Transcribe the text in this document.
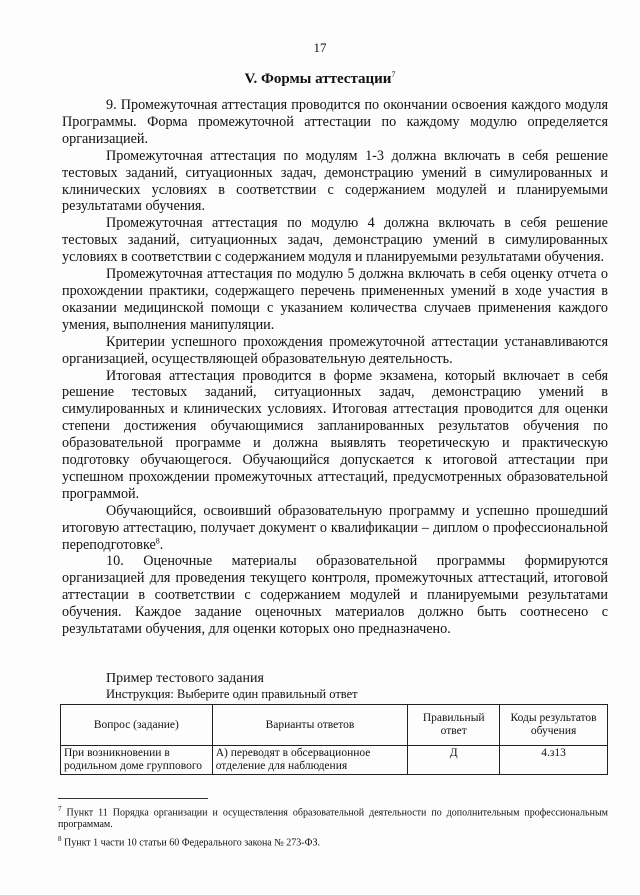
17
V. Формы аттестации$^7$

9. Промежуточная аттестация проводится по окончании освоения каждого модуля Программы. Форма промежуточной аттестации по каждому модулю определяется организацией.

Промежуточная аттестация по модулям 1-3 должна включать в себя решение тестовых заданий, ситуационных задач, демонстрацию умений в симулированных и клинических условиях в соответствии с содержанием модулей и планируемыми результатами обучения.

Промежуточная аттестация по модулю 4 должна включать в себя решение тестовых заданий, ситуационных задач, демонстрацию умений в симулированных условиях в соответствии с содержанием модуля и планируемыми результатами обучения.

Промежуточная аттестация по модулю 5 должна включать в себя оценку отчета о прохождении практики, содержащего перечень примененных умений в ходе участия в оказании медицинской помощи с указанием количества случаев применения каждого умения, выполнения манипуляции.

Критерии успешного прохождения промежуточной аттестации устанавливаются организацией, осуществляющей образовательную деятельность.

Итоговая аттестация проводится в форме экзамена, который включает в себя решение тестовых заданий, ситуационных задач, демонстрацию умений в симулированных и клинических условиях. Итоговая аттестация проводится для оценки степени достижения обучающимися запланированных результатов обучения по образовательной программе и должна выявлять теоретическую и практическую подготовку обучающегося. Обучающийся допускается к итоговой аттестации при успешном прохождении промежуточных аттестаций, предусмотренных образовательной программой.

Обучающийся, освоивший образовательную программу и успешно прошедший итоговую аттестацию, получает документ о квалификации – диплом о профессиональной переподготовке$^8$.

10. Оценочные материалы образовательной программы формируются организацией для проведения текущего контроля, промежуточных аттестаций, итоговой аттестации в соответствии с содержанием модулей и планируемыми результатами обучения. Каждое задание оценочных материалов должно быть соотнесено с результатами обучения, для оценки которых оно предназначено.

Пример тестового задания
Инструкция: Выберите один правильный ответ
Вопрос (задание)	Варианты ответов	Правильный ответ	Коды результатов обучения
При возникновении в родильном доме группового	А) переводят в обсервационное отделение для наблюдения	Д	4.з13

$^7$ Пункт 11 Порядка организации и осуществления образовательной деятельности по дополнительным профессиональным программам.

$^8$ Пункт 1 части 10 статьи 60 Федерального закона № 273-ФЗ.
